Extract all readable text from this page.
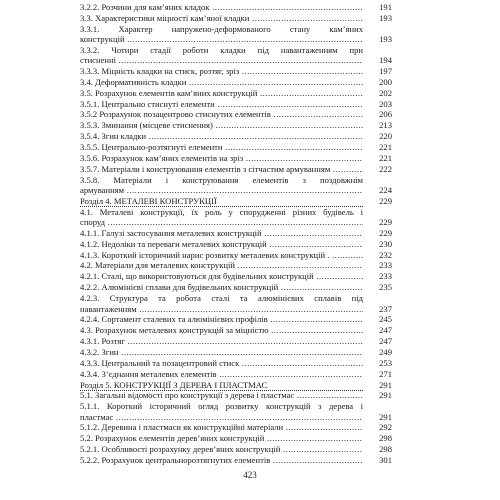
3.2.2. Розчини для кам’яних кладок .....	191
3.3. Характеристики міцності кам’яної кладки .....	193
3.3.1. Характер напружено-деформованого стану кам’яних
конструкцій .....	193
3.3.2. Чотири стадії роботи кладки під навантаженням при
стисненні .....	194
3.3.3. Міцність кладки на стиск, розтяг, зріз .....	197
3.4. Деформативність кладки .....	200
3.5. Розрахунок елементів кам’яних конструкцій .....	202
3.5.1. Центрально стиснуті елементи .....	203
3.5.2 Розрахунок позацентрово стиснутих елементів .....	206
3.5.3. Зминання (місцеве стиснення) .....	213
3.5.4. Згин кладки .....	220
3.5.5. Центрально-розтягнуті елементи .....	221
3.5.6. Розрахунок кам’яних елементів на зріз .....	221
3.5.7. Матеріали і конструювання елементів з сітчастим армуванням .....	222
3.5.8. Матеріали і конструювання елементів з поздовжнім
армуванням .....	224
Розділ 4. МЕТАЛЕВІ КОНСТРУКЦІЇ	229
4.1. Металеві конструкції, їх роль у спорудженні різних будівель і
споруд .....	229
4.1.1. Галузі застосування металевих конструкцій .....	229
4.1.2. Недоліки та переваги металевих конструкцій .....	230
4.1.3. Короткий історичний нарис розвитку металевих конструкцій . .....	232
4.2. Матеріали для металевих конструкцій .....	233
4.2.1. Сталі, що використовуються для будівельних конструкцій .....	233
4.2.2. Алюмінієві сплави для будівельних конструкцій .....	235
4.2.3. Структура та робота сталі та алюмінієвих сплавів під
навантаженням .....	237
4.2.4. Сортамент сталевих та алюмінієвих профілів .....	245
4.3. Розрахунок металевих конструкцій за міцністю .....	247
4.3.1. Розтяг .....	247
4.3.2. Згин .....	249
4.3.3. Центральний та позацентровий стиск .....	253
4.3.4. З’єднання металевих елементів .....	271
Розділ 5. КОНСТРУКЦІЇ З ДЕРЕВА І ПЛАСТМАС	291
5.1. Загальні відомості про конструкції з дерева і пластмас .....	291
5.1.1. Короткий історичний огляд розвитку конструкцій з дерева і
пластмас .....	291
5.1.2. Деревина і пластмаси як конструкційні матеріали .....	292
5.2. Розрахунок елементів дерев’яних конструкцій .....	298
5.2.1. Особливості розрахунку дерев’яних конструкцій .....	298
5.2.2. Розрахунок центральнорозтягнутих елементів .....	301
423
